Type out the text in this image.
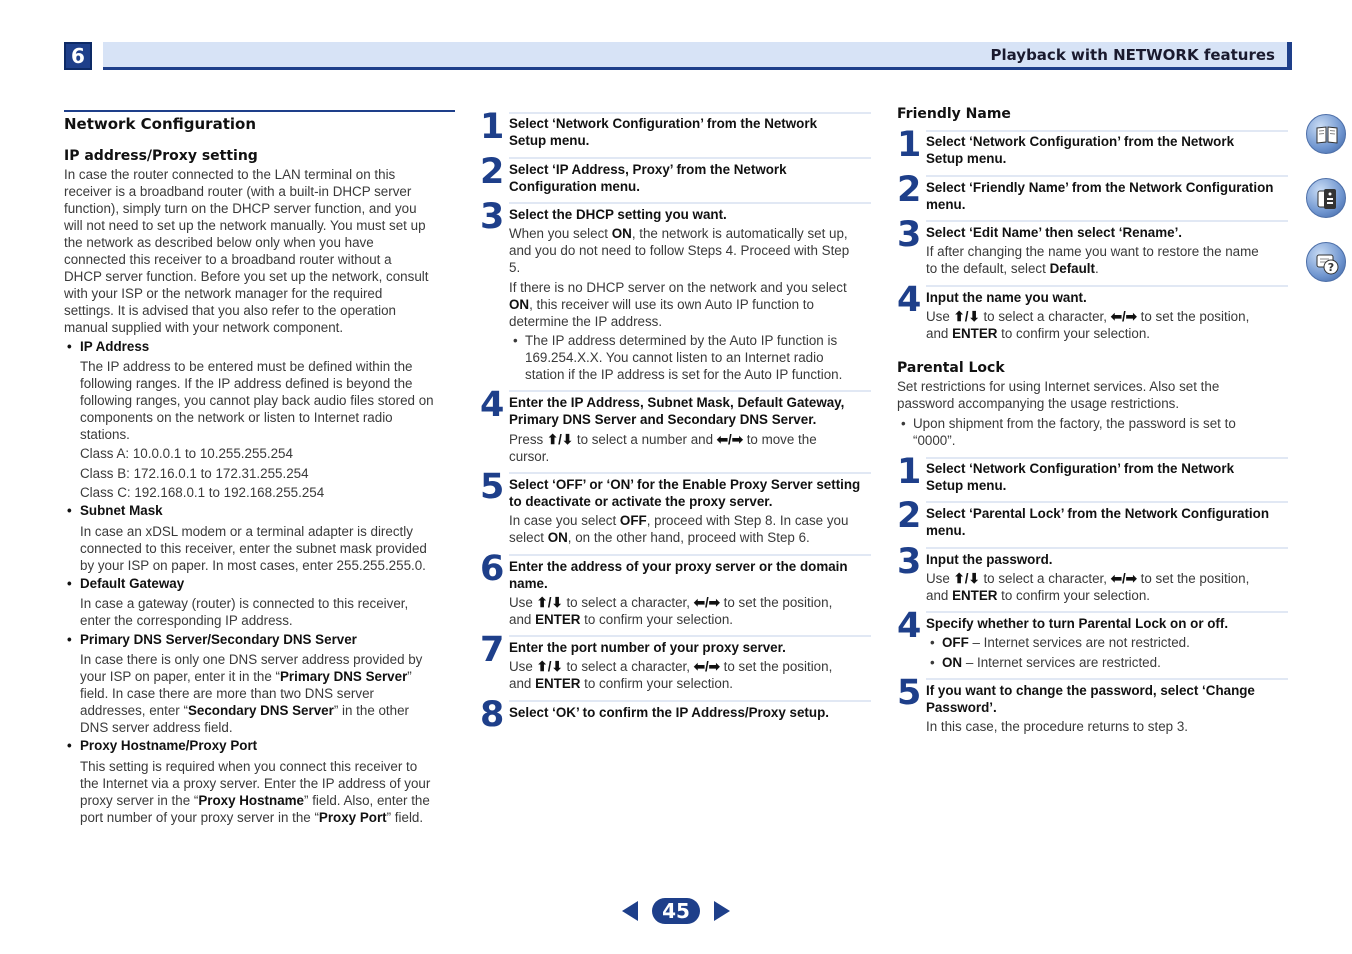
6	Playback with NETWORK features
Network Configuration
IP address/Proxy setting
In case the router connected to the LAN terminal on this
receiver is a broadband router (with a built-in DHCP server
function), simply turn on the DHCP server function, and you
will not need to set up the network manually. You must set up
the network as described below only when you have
connected this receiver to a broadband router without a
DHCP server function. Before you set up the network, consult
with your ISP or the network manager for the required
settings. It is advised that you also refer to the operation
manual supplied with your network component.
• IP Address
The IP address to be entered must be defined within the
following ranges. If the IP address defined is beyond the
following ranges, you cannot play back audio files stored on
components on the network or listen to Internet radio
stations.
Class A: 10.0.0.1 to 10.255.255.254
Class B: 172.16.0.1 to 172.31.255.254
Class C: 192.168.0.1 to 192.168.255.254
• Subnet Mask
In case an xDSL modem or a terminal adapter is directly
connected to this receiver, enter the subnet mask provided
by your ISP on paper. In most cases, enter 255.255.255.0.
• Default Gateway
In case a gateway (router) is connected to this receiver,
enter the corresponding IP address.
• Primary DNS Server/Secondary DNS Server
In case there is only one DNS server address provided by
your ISP on paper, enter it in the “Primary DNS Server”
field. In case there are more than two DNS server
addresses, enter “Secondary DNS Server” in the other
DNS server address field.
• Proxy Hostname/Proxy Port
This setting is required when you connect this receiver to
the Internet via a proxy server. Enter the IP address of your
proxy server in the “Proxy Hostname” field. Also, enter the
port number of your proxy server in the “Proxy Port” field.
1 Select ‘Network Configuration’ from the Network
Setup menu.
2 Select ‘IP Address, Proxy’ from the Network
Configuration menu.
3 Select the DHCP setting you want.
When you select ON, the network is automatically set up,
and you do not need to follow Steps 4. Proceed with Step
5.
If there is no DHCP server on the network and you select
ON, this receiver will use its own Auto IP function to
determine the IP address.
• The IP address determined by the Auto IP function is
169.254.X.X. You cannot listen to an Internet radio
station if the IP address is set for the Auto IP function.
4 Enter the IP Address, Subnet Mask, Default Gateway,
Primary DNS Server and Secondary DNS Server.
Press ⬆/⬇ to select a number and ⬅/➡ to move the
cursor.
5 Select ‘OFF’ or ‘ON’ for the Enable Proxy Server setting
to deactivate or activate the proxy server.
In case you select OFF, proceed with Step 8. In case you
select ON, on the other hand, proceed with Step 6.
6 Enter the address of your proxy server or the domain
name.
Use ⬆/⬇ to select a character, ⬅/➡ to set the position,
and ENTER to confirm your selection.
7 Enter the port number of your proxy server.
Use ⬆/⬇ to select a character, ⬅/➡ to set the position,
and ENTER to confirm your selection.
8 Select ‘OK’ to confirm the IP Address/Proxy setup.
Friendly Name
1 Select ‘Network Configuration’ from the Network
Setup menu.
2 Select ‘Friendly Name’ from the Network Configuration
menu.
3 Select ‘Edit Name’ then select ‘Rename’.
If after changing the name you want to restore the name
to the default, select Default.
4 Input the name you want.
Use ⬆/⬇ to select a character, ⬅/➡ to set the position,
and ENTER to confirm your selection.
Parental Lock
Set restrictions for using Internet services. Also set the
password accompanying the usage restrictions.
• Upon shipment from the factory, the password is set to
“0000”.
1 Select ‘Network Configuration’ from the Network
Setup menu.
2 Select ‘Parental Lock’ from the Network Configuration
menu.
3 Input the password.
Use ⬆/⬇ to select a character, ⬅/➡ to set the position,
and ENTER to confirm your selection.
4 Specify whether to turn Parental Lock on or off.
• OFF – Internet services are not restricted.
• ON – Internet services are restricted.
5 If you want to change the password, select ‘Change
Password’.
In this case, the procedure returns to step 3.
?
45
